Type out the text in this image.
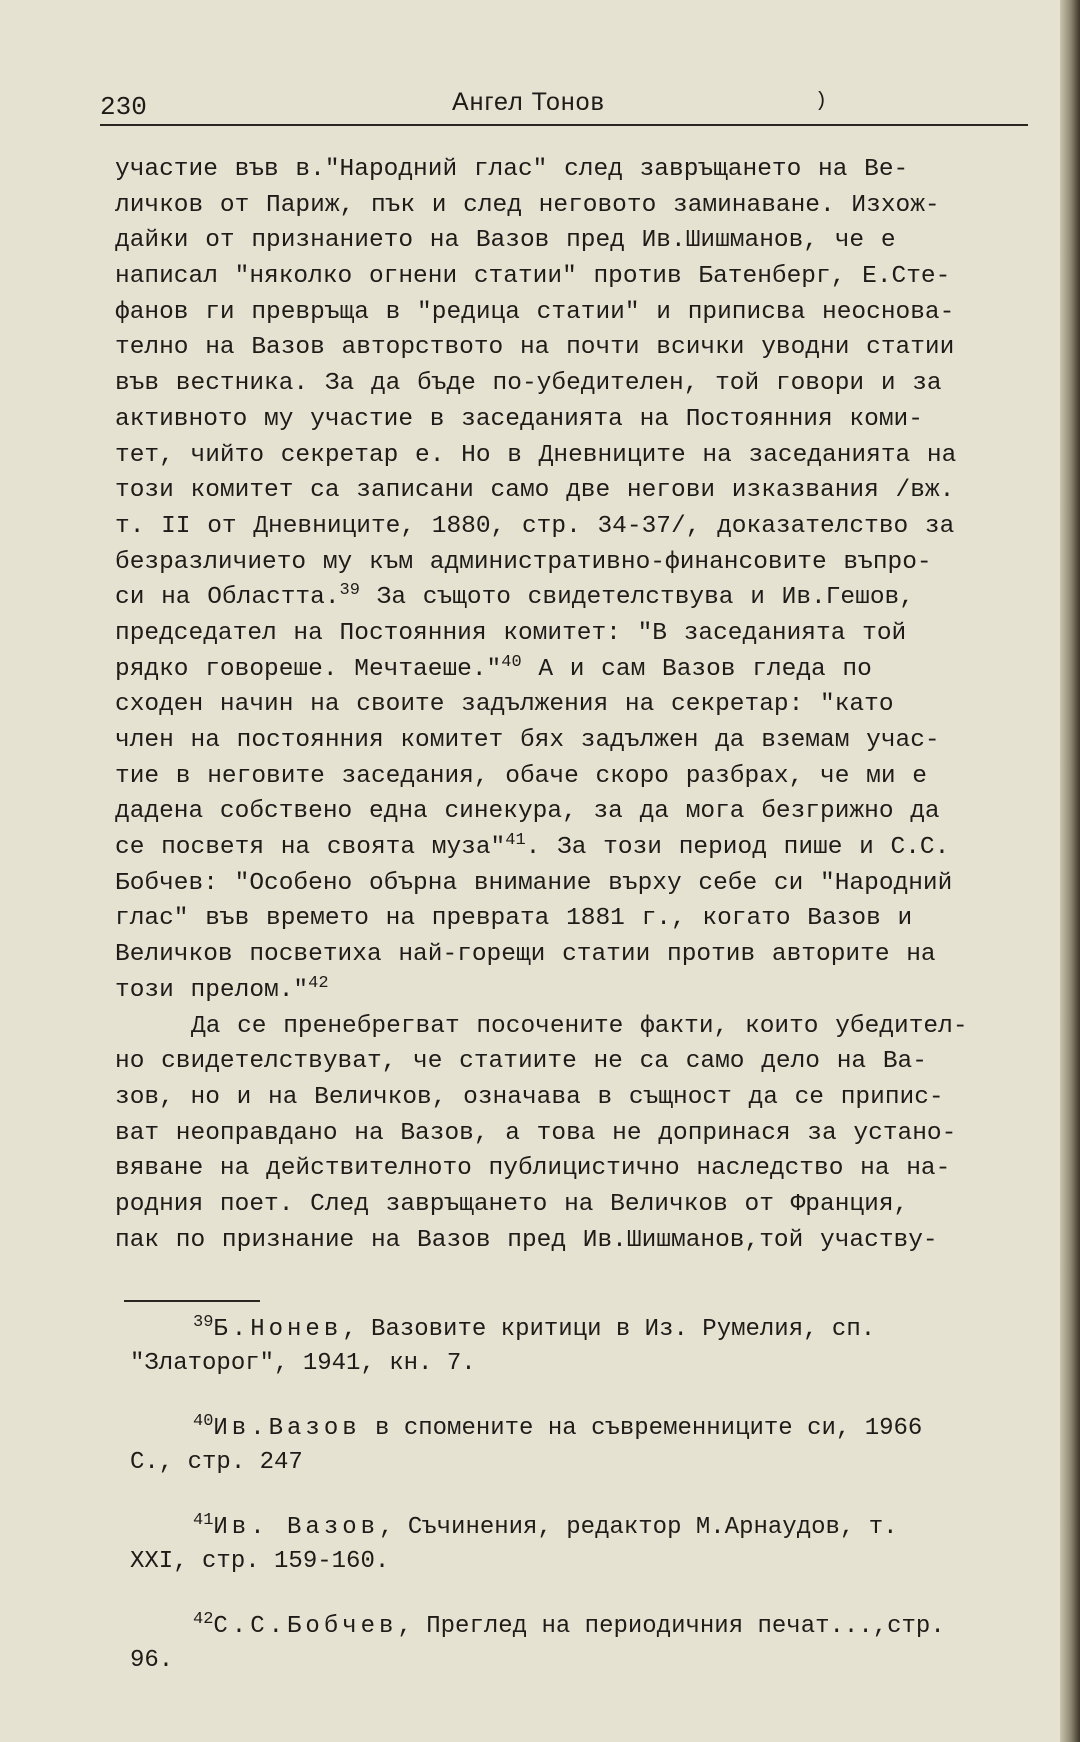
230	Ангел Тонов	)
участие във в."Народний глас" след завръщането на Ве-
личков от Париж, пък и след неговото заминаване. Изхож-
дайки от признанието на Вазов пред Ив.Шишманов, че е
написал "няколко огнени статии" против Батенберг, Е.Сте-
фанов ги превръща в "редица статии" и приписва неоснова-
телно на Вазов авторството на почти всички уводни статии
във вестника. За да бъде по-убедителен, той говори и за
активното му участие в заседанията на Постоянния коми-
тет, чийто секретар е. Но в Дневниците на заседанията на
този комитет са записани само две негови изказвания /вж.
т. II от Дневниците, 1880, стр. 34-37/, доказателство за
безразличието му към административно-финансовите въпро-
си на Областта.$^{39}$ За същото свидетелствува и Ив.Гешов,
председател на Постоянния комитет: "В заседанията той
рядко говореше. Мечтаеше."$^{40}$ А и сам Вазов гледа по
сходен начин на своите задължения на секретар: "като
член на постоянния комитет бях задължен да вземам учас-
тие в неговите заседания, обаче скоро разбрах, че ми е
дадена собствено една синекура, за да мога безгрижно да
се посветя на своята муза"$^{41}$. За този период пише и С.С.
Бобчев: "Особено обърна внимание върху себе си "Народний
глас" във времето на превратa 1881 г., когато Вазов и
Величков посветиха най-горещи статии против авторите на
този прелом."$^{42}$
Да се пренебрегват посочените факти, които убедител-
но свидетелствуват, че статиите не са само дело на Ва-
зов, но и на Величков, означава в същност да се припис-
ват неоправдано на Вазов, а това не допринася за устано-
вяване на действителното публицистично наследство на на-
родния поет. След завръщането на Величков от Франция,
пак по признание на Вазов пред Ив.Шишманов,той участву-
$^{39}$Б.Нонев, Вазовите критици в Из. Румелия, сп.
"Златорог", 1941, кн. 7.
$^{40}$Ив.Вазов в спомените на съвременниците си, 1966
С., стр. 247
$^{41}$Ив. Вазов, Съчинения, редактор М.Арнаудов, т.
XXI, стр. 159-160.
$^{42}$С.С.Бобчев, Преглед на периодичния печат...,стр.
96.
